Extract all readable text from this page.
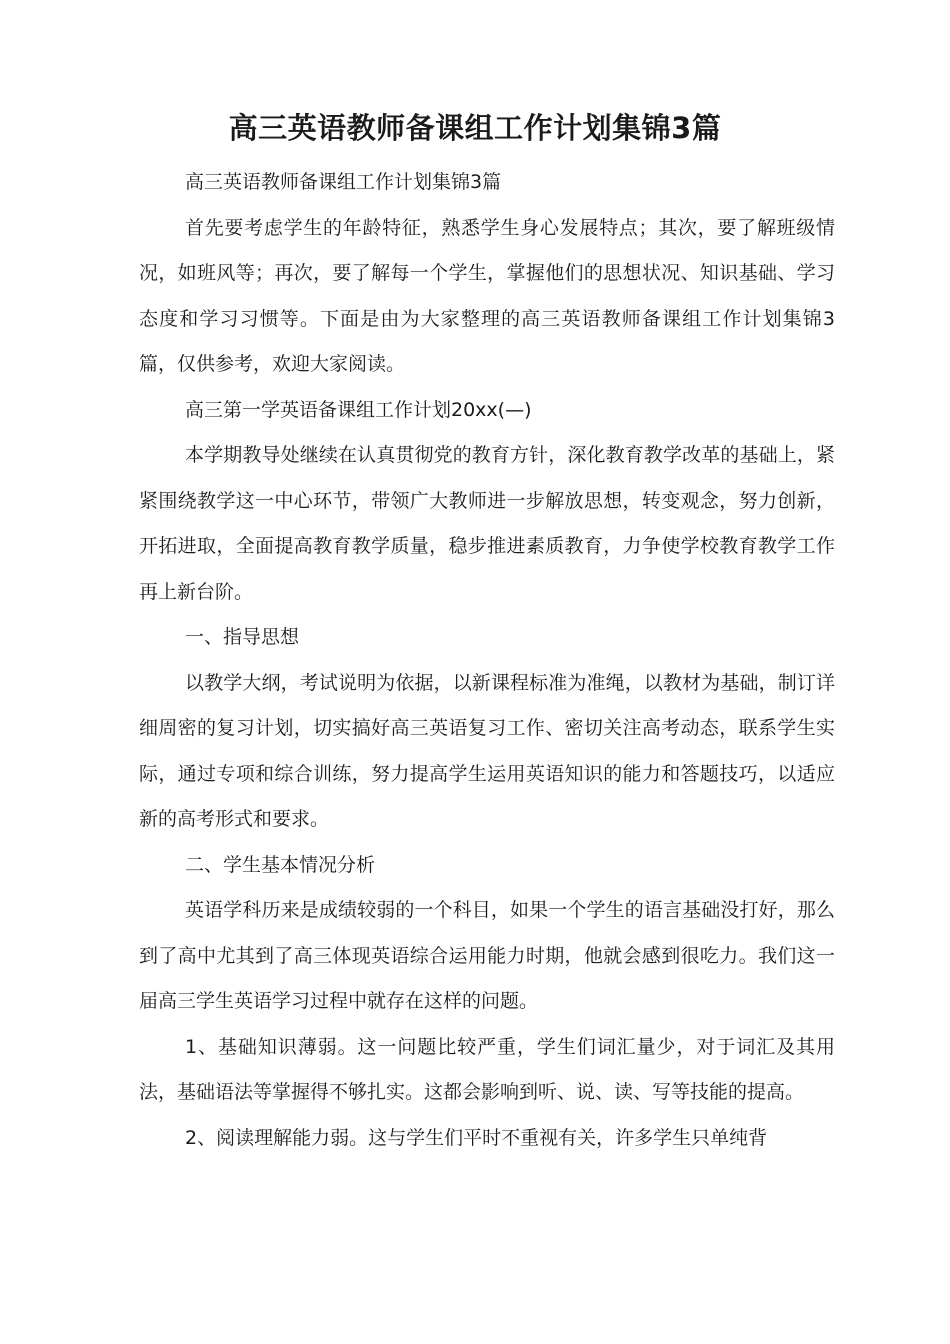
高三英语教师备课组工作计划集锦3篇

高三英语教师备课组工作计划集锦3篇

首先要考虑学生的年龄特征，熟悉学生身心发展特点；其次，要了解班级情况，如班风等；再次，要了解每一个学生，掌握他们的思想状况、知识基础、学习态度和学习习惯等。下面是由为大家整理的高三英语教师备课组工作计划集锦3篇，仅供参考，欢迎大家阅读。

高三第一学英语备课组工作计划20xx(—)

本学期教导处继续在认真贯彻党的教育方针，深化教育教学改革的基础上，紧紧围绕教学这一中心环节，带领广大教师进一步解放思想，转变观念，努力创新，开拓进取，全面提高教育教学质量，稳步推进素质教育，力争使学校教育教学工作再上新台阶。

一、指导思想

以教学大纲，考试说明为依据，以新课程标准为准绳，以教材为基础，制订详细周密的复习计划，切实搞好高三英语复习工作、密切关注高考动态，联系学生实际，通过专项和综合训练，努力提高学生运用英语知识的能力和答题技巧，以适应新的高考形式和要求。

二、学生基本情况分析

英语学科历来是成绩较弱的一个科目，如果一个学生的语言基础没打好，那么到了高中尤其到了高三体现英语综合运用能力时期，他就会感到很吃力。我们这一届高三学生英语学习过程中就存在这样的问题。

1、基础知识薄弱。这一问题比较严重，学生们词汇量少，对于词汇及其用法，基础语法等掌握得不够扎实。这都会影响到听、说、读、写等技能的提高。

2、阅读理解能力弱。这与学生们平时不重视有关，许多学生只单纯背
